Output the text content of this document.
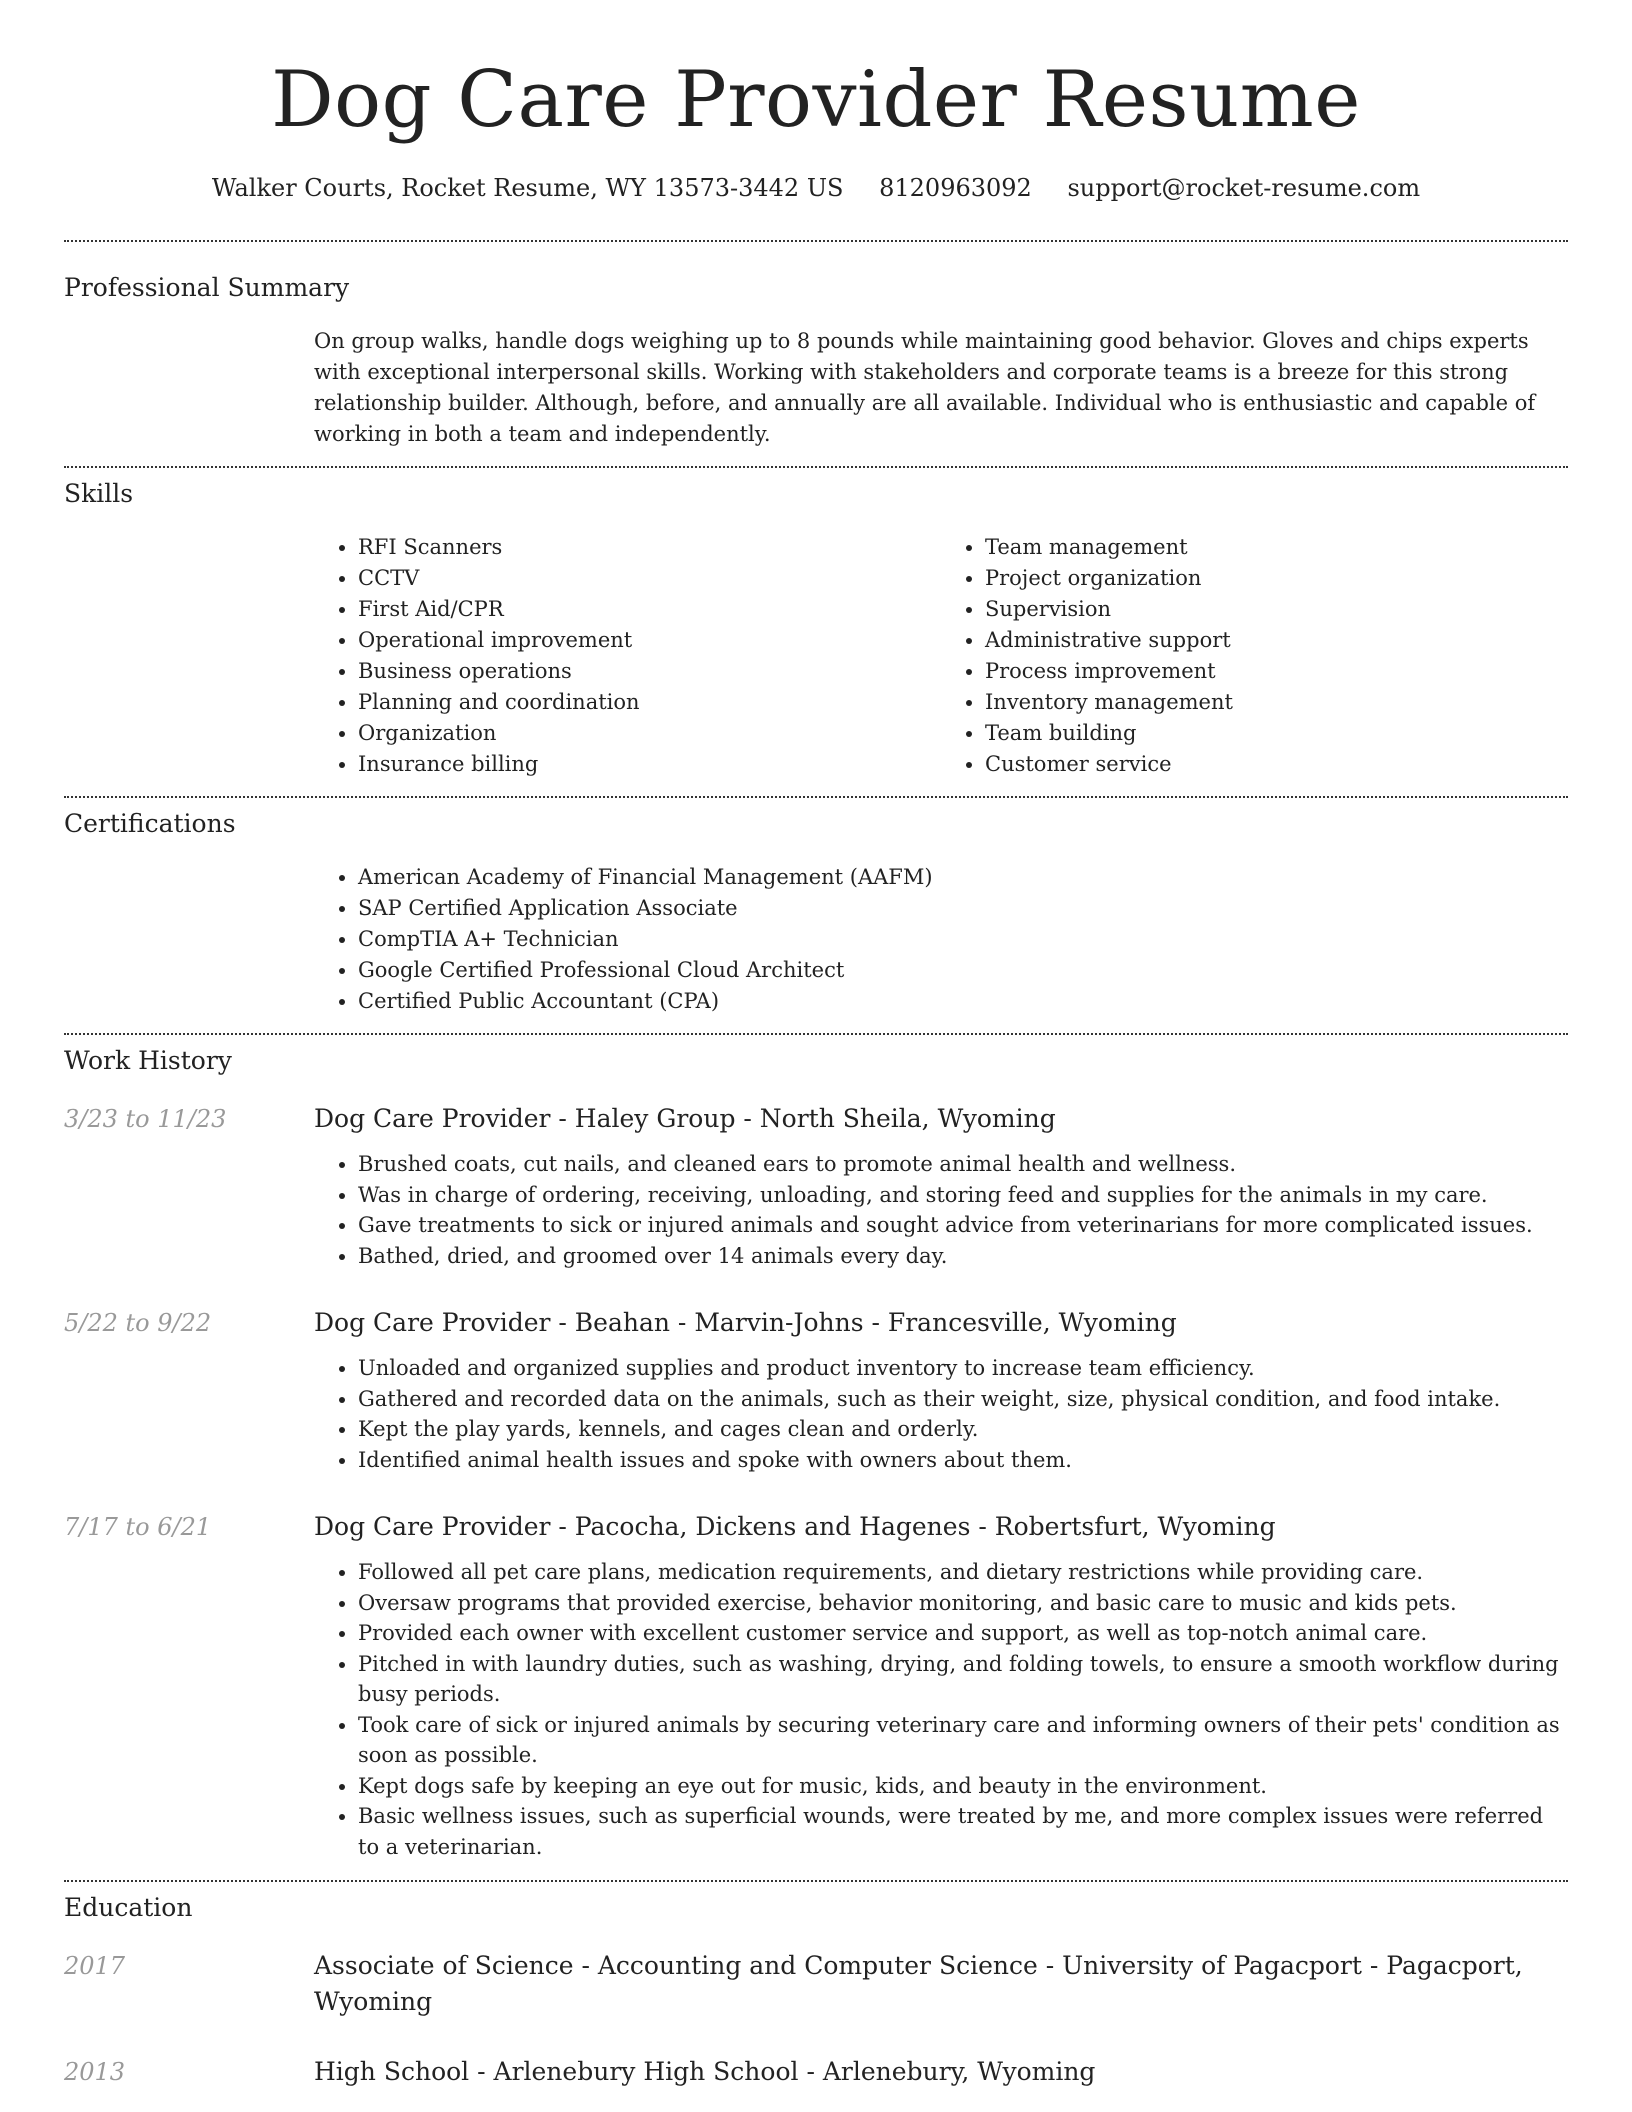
Dog Care Provider Resume
Walker Courts, Rocket Resume, WY 13573-3442 US 8120963092 support@rocket-resume.com
Professional Summary

On group walks, handle dogs weighing up to 8 pounds while maintaining good behavior. Gloves and chips experts with exceptional interpersonal skills. Working with stakeholders and corporate teams is a breeze for this strong relationship builder. Although, before, and annually are all available. Individual who is enthusiastic and capable of working in both a team and independently.

Skills
• RFI Scanners
• CCTV
• First Aid/CPR
• Operational improvement
• Business operations
• Planning and coordination
• Organization
• Insurance billing
• Team management
• Project organization
• Supervision
• Administrative support
• Process improvement
• Inventory management
• Team building
• Customer service
Certifications
• American Academy of Financial Management (AAFM)
• SAP Certified Application Associate
• CompTIA A+ Technician
• Google Certified Professional Cloud Architect
• Certified Public Accountant (CPA)
Work History
3/23 to 11/23	Dog Care Provider - Haley Group - North Sheila, Wyoming
• Brushed coats, cut nails, and cleaned ears to promote animal health and wellness.
• Was in charge of ordering, receiving, unloading, and storing feed and supplies for the animals in my care.
• Gave treatments to sick or injured animals and sought advice from veterinarians for more complicated issues.
• Bathed, dried, and groomed over 14 animals every day.
5/22 to 9/22	Dog Care Provider - Beahan - Marvin-Johns - Francesville, Wyoming
• Unloaded and organized supplies and product inventory to increase team efficiency.
• Gathered and recorded data on the animals, such as their weight, size, physical condition, and food intake.
• Kept the play yards, kennels, and cages clean and orderly.
• Identified animal health issues and spoke with owners about them.
7/17 to 6/21	Dog Care Provider - Pacocha, Dickens and Hagenes - Robertsfurt, Wyoming
• Followed all pet care plans, medication requirements, and dietary restrictions while providing care.
• Oversaw programs that provided exercise, behavior monitoring, and basic care to music and kids pets.
• Provided each owner with excellent customer service and support, as well as top-notch animal care.
• Pitched in with laundry duties, such as washing, drying, and folding towels, to ensure a smooth workflow during busy periods.
• Took care of sick or injured animals by securing veterinary care and informing owners of their pets' condition as soon as possible.
• Kept dogs safe by keeping an eye out for music, kids, and beauty in the environment.
• Basic wellness issues, such as superficial wounds, were treated by me, and more complex issues were referred to a veterinarian.
Education
2017	Associate of Science - Accounting and Computer Science - University of Pagacport - Pagacport, Wyoming
2013	High School - Arlenebury High School - Arlenebury, Wyoming
